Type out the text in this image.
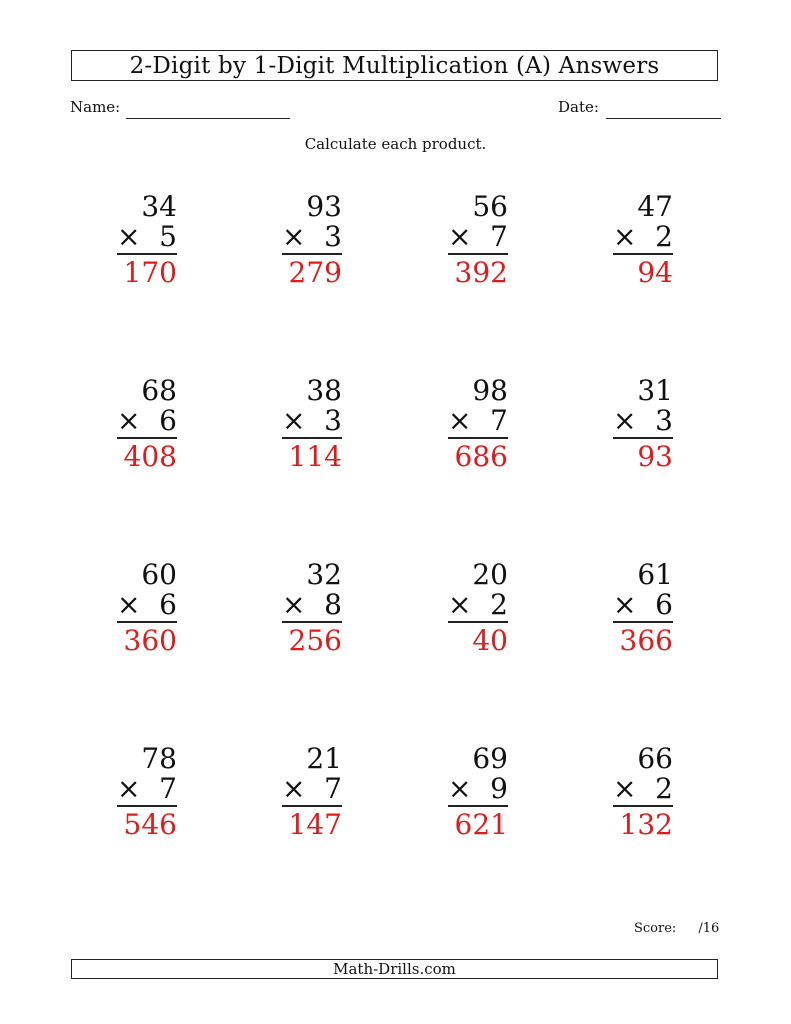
2-Digit by 1-Digit Multiplication (A) Answers
Name:	Date:
Calculate each product.
34
× 5
170
93
× 3
279
56
× 7
392
47
× 2
94
68
× 6
408
38
× 3
114
98
× 7
686
31
× 3
93
60
× 6
360
32
× 8
256
20
× 2
40
61
× 6
366
78
× 7
546
21
× 7
147
69
× 9
621
66
× 2
132
Score: /16
Math-Drills.com
